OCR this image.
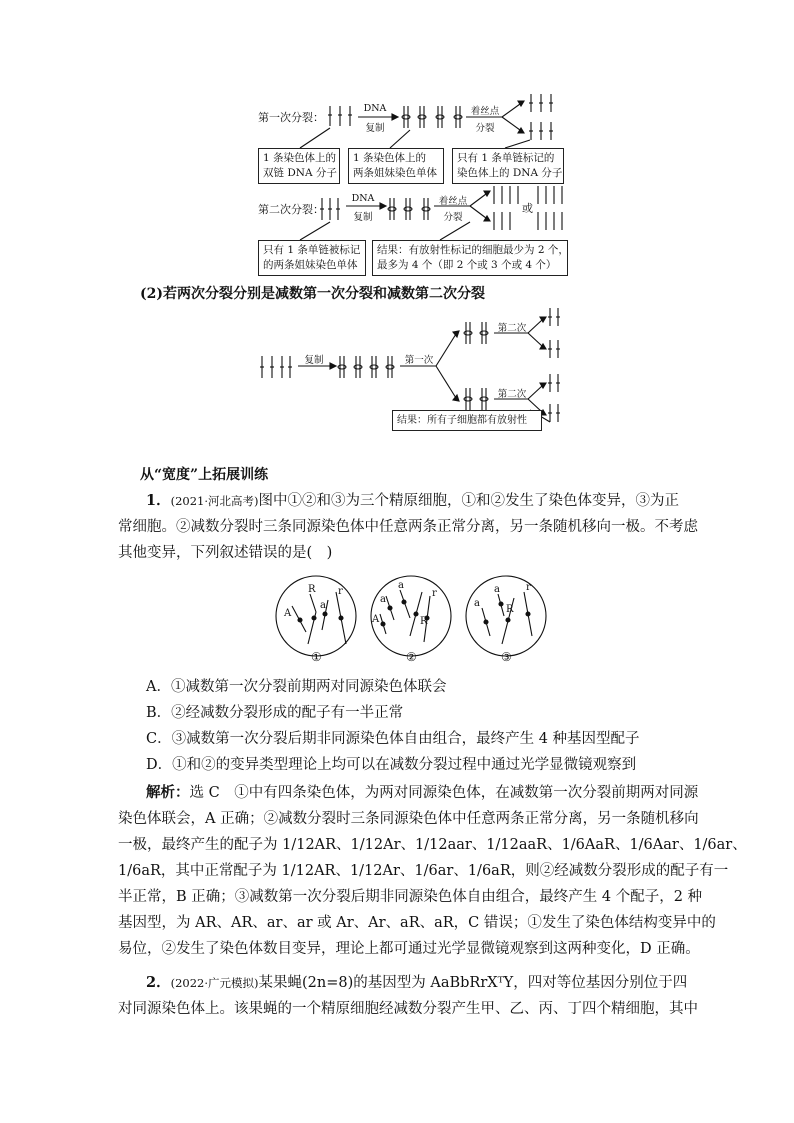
第一次分裂：
DNA
复制
着丝点
分裂
1 条染色体上的
双链 DNA 分子
1 条染色体上的
两条姐妹染色单体
只有 1 条单链标记的
染色体上的 DNA 分子
第二次分裂：
DNA
复制
着丝点
分裂
或
只有 1 条单链被标记
的两条姐妹染色单体
结果：有放射性标记的细胞最少为 2 个，
最多为 4 个（即 2 个或 3 个或 4 个）
(2)若两次分裂分别是减数第一次分裂和减数第二次分裂
复制	第一次
第二次
第二次
结果：所有子细胞都有放射性
从“宽度”上拓展训练
1．(2021·河北高考)图中①②和③为三个精原细胞，①和②发生了染色体变异，③为正
常细胞。②减数分裂时三条同源染色体中任意两条正常分离，另一条随机移向一极。不考虑
其他变异，下列叙述错误的是(　)
A
R
a
r
a
A
a
R
r
a
a
R
r
①	②	③
A．①减数第一次分裂前期两对同源染色体联会
B．②经减数分裂形成的配子有一半正常
C．③减数第一次分裂后期非同源染色体自由组合，最终产生 4 种基因型配子
D．①和②的变异类型理论上均可以在减数分裂过程中通过光学显微镜观察到
解析：选 C　①中有四条染色体，为两对同源染色体，在减数第一次分裂前期两对同源
染色体联会，A 正确；②减数分裂时三条同源染色体中任意两条正常分离，另一条随机移向
一极，最终产生的配子为 1/12AR、1/12Ar、1/12aar、1/12aaR、1/6AaR、1/6Aar、1/6ar、
1/6aR，其中正常配子为 1/12AR、1/12Ar、1/6ar、1/6aR，则②经减数分裂形成的配子有一
半正常，B 正确；③减数第一次分裂后期非同源染色体自由组合，最终产生 4 个配子，2 种
基因型，为 AR、AR、ar、ar 或 Ar、Ar、aR、aR，C 错误；①发生了染色体结构变异中的
易位，②发生了染色体数目变异，理论上都可通过光学显微镜观察到这两种变化，D 正确。
2．(2022·广元模拟)某果蝇(2n=8)的基因型为 AaBbRrXᵀY，四对等位基因分别位于四
对同源染色体上。该果蝇的一个精原细胞经减数分裂产生甲、乙、丙、丁四个精细胞，其中
